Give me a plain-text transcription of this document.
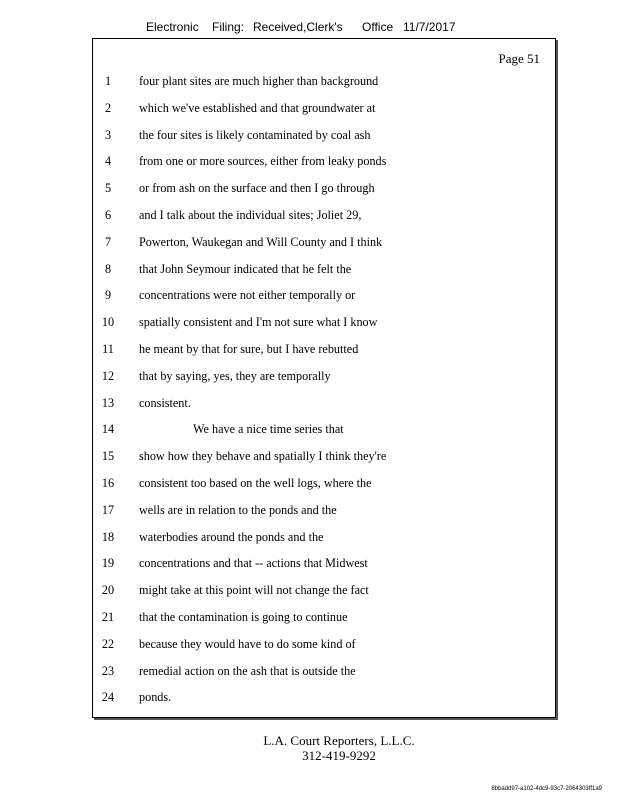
Electronic Filing: Received,Clerk's Office 11/7/2017
Page 51
1	four plant sites are much higher than background
2	which we've established and that groundwater at
3	the four sites is likely contaminated by coal ash
4	from one or more sources, either from leaky ponds
5	or from ash on the surface and then I go through
6	and I talk about the individual sites; Joliet 29,
7	Powerton, Waukegan and Will County and I think
8	that John Seymour indicated that he felt the
9	concentrations were not either temporally or
10	spatially consistent and I'm not sure what I know
11	he meant by that for sure, but I have rebutted
12	that by saying, yes, they are temporally
13	consistent.
14	We have a nice time series that
15	show how they behave and spatially I think they're
16	consistent too based on the well logs, where the
17	wells are in relation to the ponds and the
18	waterbodies around the ponds and the
19	concentrations and that -- actions that Midwest
20	might take at this point will not change the fact
21	that the contamination is going to continue
22	because they would have to do some kind of
23	remedial action on the ash that is outside the
24	ponds.
L.A. Court Reporters, L.L.C.
312-419-9292
8bbadd97-a102-4dc9-93c7-2064303ff1a9
